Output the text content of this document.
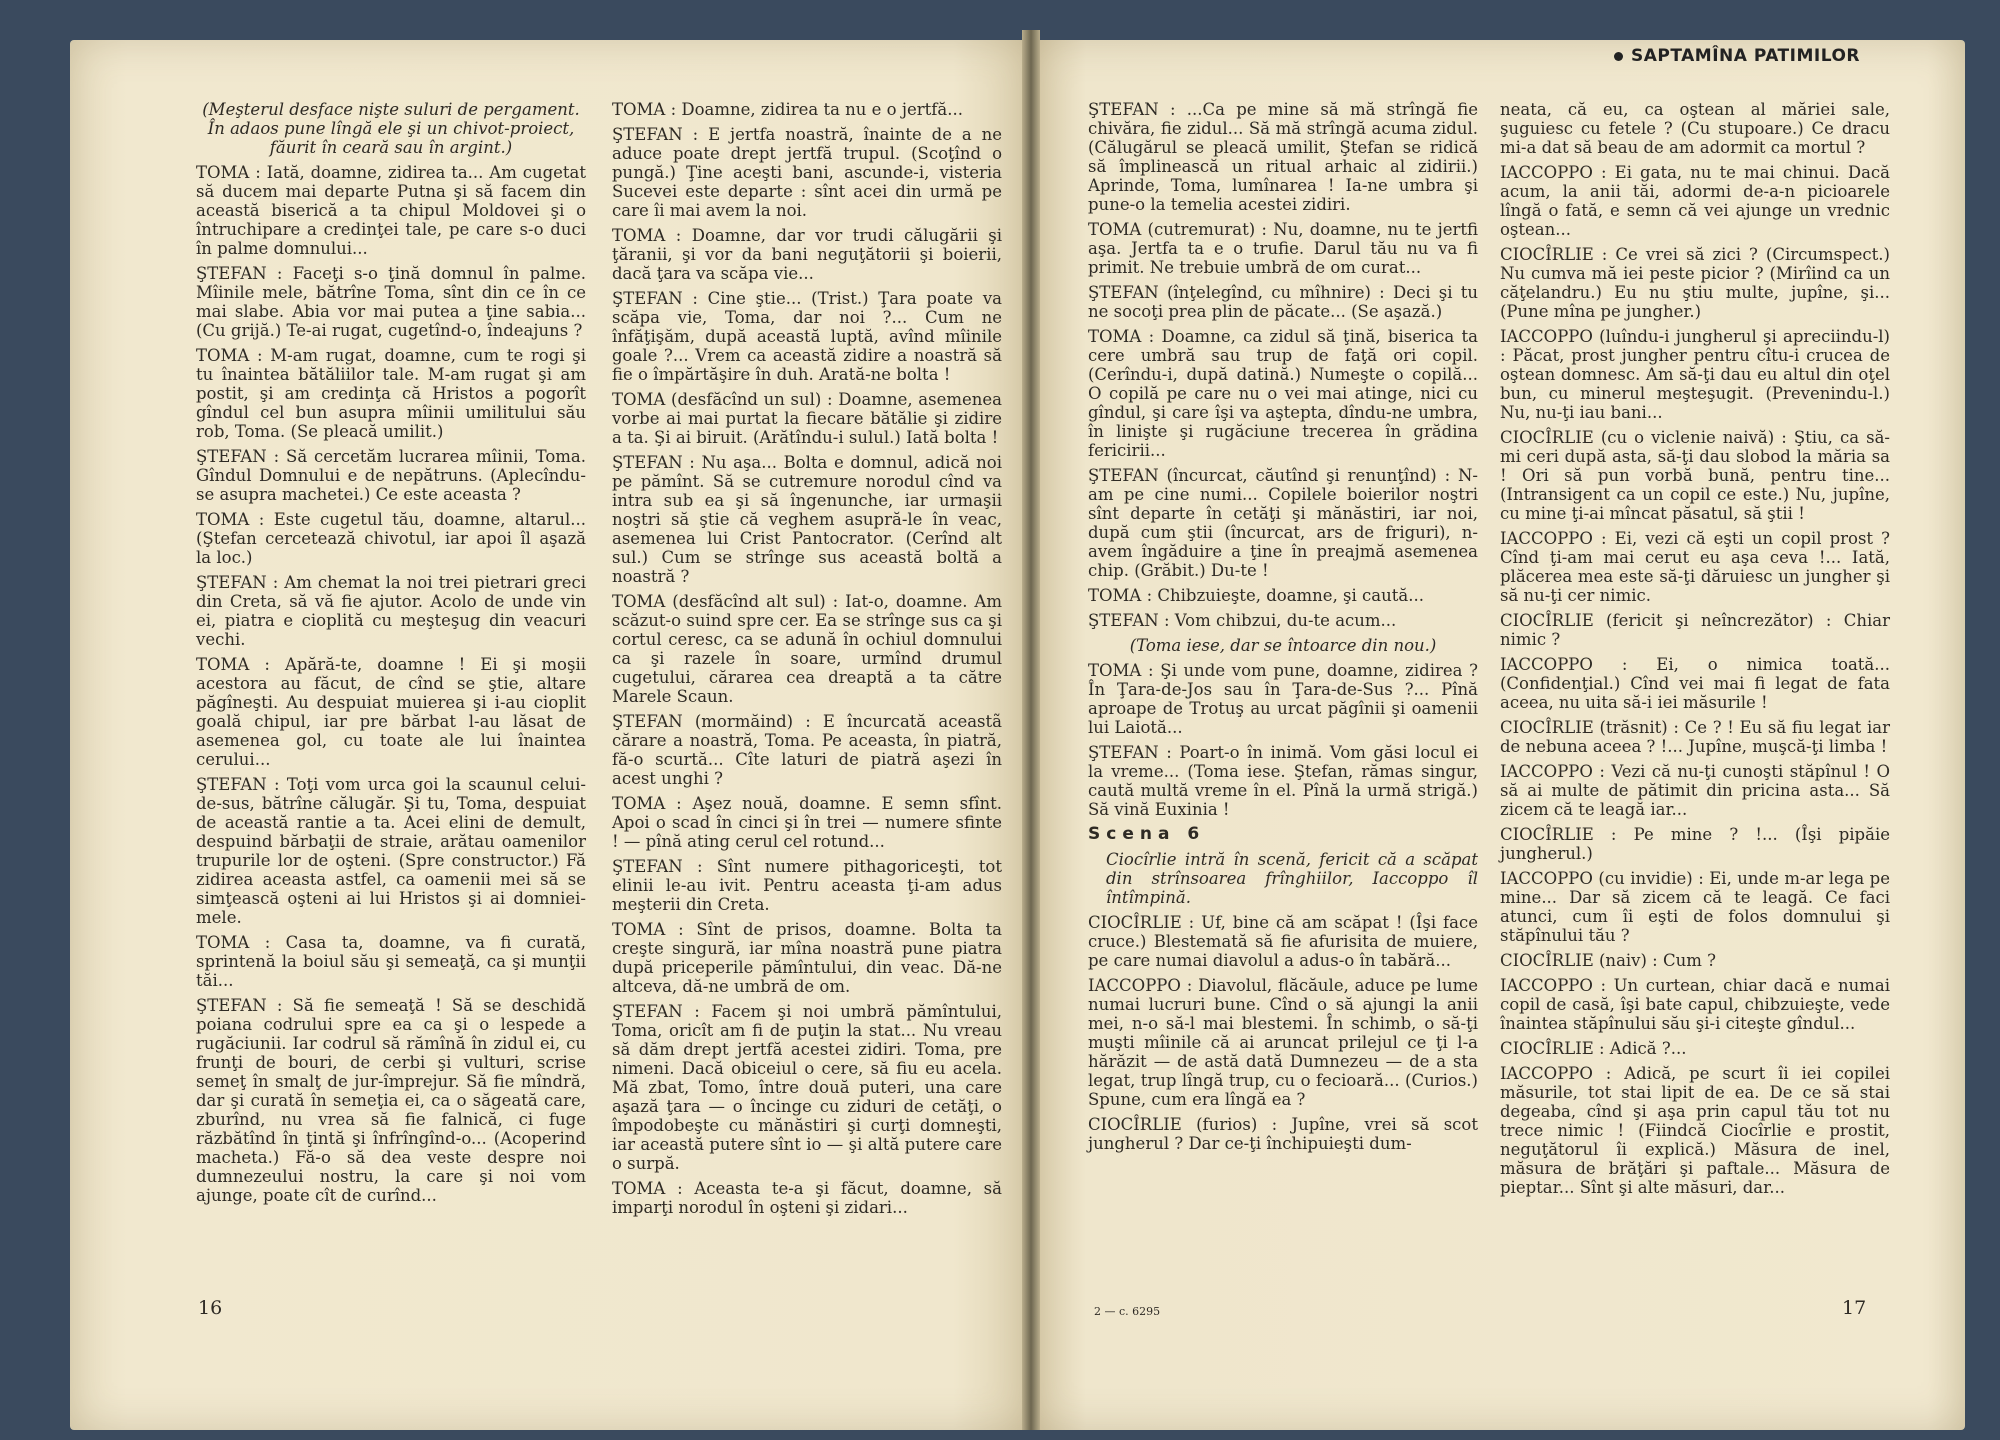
SAPTAMÎNA PATIMILOR

(Meşterul desface nişte suluri de pergament. În adaos pune lîngă ele şi un chivot-proiect, făurit în ceară sau în argint.)

TOMA : Iată, doamne, zidirea ta... Am cugetat să ducem mai departe Putna şi să facem din această biserică a ta chipul Moldovei şi o întruchipare a credinţei tale, pe care s-o duci în palme domnului...

ŞTEFAN : Faceţi s-o ţină domnul în palme. Mîinile mele, bătrîne Toma, sînt din ce în ce mai slabe. Abia vor mai putea a ţine sabia... (Cu grijă.) Te-ai rugat, cugetînd-o, îndeajuns ?

TOMA : M-am rugat, doamne, cum te rogi şi tu înaintea bătăliilor tale. M-am rugat şi am postit, şi am credinţa că Hristos a pogorît gîndul cel bun asupra mîinii umilitului său rob, Toma. (Se pleacă umilit.)

ŞTEFAN : Să cercetăm lucrarea mîinii, Toma. Gîndul Domnului e de nepătruns. (Aplecîndu-se asupra machetei.) Ce este aceasta ?

TOMA : Este cugetul tău, doamne, altarul... (Ştefan cercetează chivotul, iar apoi îl aşază la loc.)

ŞTEFAN : Am chemat la noi trei pietrari greci din Creta, să vă fie ajutor. Acolo de unde vin ei, piatra e cioplită cu meşteşug din veacuri vechi.

TOMA : Apără-te, doamne ! Ei şi moşii acestora au făcut, de cînd se ştie, altare păgîneşti. Au despuiat muierea şi i-au cioplit goală chipul, iar pre bărbat l-au lăsat de asemenea gol, cu toate ale lui înaintea cerului...

ŞTEFAN : Toţi vom urca goi la scaunul celui-de-sus, bătrîne călugăr. Şi tu, Toma, despuiat de această rantie a ta. Acei elini de demult, despuind bărbaţii de straie, arătau oamenilor trupurile lor de oşteni. (Spre constructor.) Fă zidirea aceasta astfel, ca oamenii mei să se simţească oşteni ai lui Hristos şi ai domniei-mele.

TOMA : Casa ta, doamne, va fi curată, sprintenă la boiul său şi semeaţă, ca şi munţii tăi...

ŞTEFAN : Să fie semeaţă ! Să se deschidă poiana codrului spre ea ca şi o lespede a rugăciunii. Iar codrul să rămînă în zidul ei, cu frunţi de bouri, de cerbi şi vulturi, scrise semeţ în smalţ de jur-împrejur. Să fie mîndră, dar şi curată în semeţia ei, ca o săgeată care, zburînd, nu vrea să fie falnică, ci fuge răzbătînd în ţintă şi înfrîngînd-o... (Acoperind macheta.) Fă-o să dea veste despre noi dumnezeului nostru, la care şi noi vom ajunge, poate cît de curînd...

TOMA : Doamne, zidirea ta nu e o jertfă...

ŞTEFAN : E jertfa noastră, înainte de a ne aduce poate drept jertfă trupul. (Scoţînd o pungă.) Ţine aceşti bani, ascunde-i, visteria Sucevei este departe : sînt acei din urmă pe care îi mai avem la noi.

TOMA : Doamne, dar vor trudi călugării şi ţăranii, şi vor da bani neguţătorii şi boierii, dacă ţara va scăpa vie...

ŞTEFAN : Cine ştie... (Trist.) Ţara poate va scăpa vie, Toma, dar noi ?... Cum ne înfăţişăm, după această luptă, avînd mîinile goale ?... Vrem ca această zidire a noastră să fie o împărtăşire în duh. Arată-ne bolta !

TOMA (desfăcînd un sul) : Doamne, asemenea vorbe ai mai purtat la fiecare bătălie şi zidire a ta. Şi ai biruit. (Arătîndu-i sulul.) Iată bolta !

ŞTEFAN : Nu aşa... Bolta e domnul, adică noi pe pămînt. Să se cutremure norodul cînd va intra sub ea şi să îngenunche, iar urmaşii noştri să ştie că veghem asupră-le în veac, asemenea lui Crist Pantocrator. (Cerînd alt sul.) Cum se strînge sus această boltă a noastră ?

TOMA (desfăcînd alt sul) : Iat-o, doamne. Am scăzut-o suind spre cer. Ea se strînge sus ca şi cortul ceresc, ca se adună în ochiul domnului ca şi razele în soare, urmînd drumul cugetului, cărarea cea dreaptă a ta către Marele Scaun.

ŞTEFAN (mormăind) : E încurcată aceastã cărare a noastră, Toma. Pe aceasta, în piatră, fă-o scurtă... Cîte laturi de piatră aşezi în acest unghi ?

TOMA : Aşez nouă, doamne. E semn sfînt. Apoi o scad în cinci şi în trei — numere sfinte ! — pînă ating cerul cel rotund...

ŞTEFAN : Sînt numere pithagoriceşti, tot elinii le-au ivit. Pentru aceasta ţi-am adus meşterii din Creta.

TOMA : Sînt de prisos, doamne. Bolta ta creşte singură, iar mîna noastră pune piatra după priceperile pămîntului, din veac. Dă-ne altceva, dă-ne umbră de om.

ŞTEFAN : Facem şi noi umbră pămîntului, Toma, oricît am fi de puţin la stat... Nu vreau să dăm drept jertfă acestei zidiri. Toma, pre nimeni. Dacă obiceiul o cere, să fiu eu acela. Mă zbat, Tomo, între două puteri, una care aşază ţara — o încinge cu ziduri de cetăţi, o împodobeşte cu mănăstiri şi curţi domneşti, iar această putere sînt io — şi altă putere care o surpă.

TOMA : Aceasta te-a şi făcut, doamne, să imparţi norodul în oşteni şi zidari...

ŞTEFAN : ...Ca pe mine să mă strîngă fie chivăra, fie zidul... Să mă strîngă acuma zidul. (Călugărul se pleacă umilit, Ştefan se ridică să împlinească un ritual arhaic al zidirii.) Aprinde, Toma, lumînarea ! Ia-ne umbra şi pune-o la temelia acestei zidiri.

TOMA (cutremurat) : Nu, doamne, nu te jertfi aşa. Jertfa ta e o trufie. Darul tău nu va fi primit. Ne trebuie umbră de om curat...

ŞTEFAN (înţelegînd, cu mîhnire) : Deci şi tu ne socoţi prea plin de păcate... (Se aşază.)

TOMA : Doamne, ca zidul să ţină, biserica ta cere umbră sau trup de faţă ori copil. (Cerîndu-i, după datină.) Numeşte o copilă... O copilă pe care nu o vei mai atinge, nici cu gîndul, şi care îşi va aştepta, dîndu-ne umbra, în linişte şi rugăciune trecerea în grădina fericirii...

ŞTEFAN (încurcat, căutînd şi renunţînd) : N-am pe cine numi... Copilele boierilor noştri sînt departe în cetăţi şi mănăstiri, iar noi, după cum ştii (încurcat, ars de friguri), n-avem îngăduire a ţine în preajmă asemenea chip. (Grăbit.) Du-te !

TOMA : Chibzuieşte, doamne, şi caută...

ŞTEFAN : Vom chibzui, du-te acum...

(Toma iese, dar se întoarce din nou.)

TOMA : Şi unde vom pune, doamne, zidirea ? În Ţara-de-Jos sau în Ţara-de-Sus ?... Pînă aproape de Trotuş au urcat păgînii şi oamenii lui Laiotă...

ŞTEFAN : Poart-o în inimă. Vom găsi locul ei la vreme... (Toma iese. Ştefan, rămas singur, caută multă vreme în el. Pînă la urmă strigă.) Să vină Euxinia !

Scena 6

Ciocîrlie intră în scenă, fericit că a scăpat din strînsoarea frînghiilor, Iaccoppo îl întîmpină.

CIOCÎRLIE : Uf, bine că am scăpat ! (Îşi face cruce.) Blestemată să fie afurisita de muiere, pe care numai diavolul a adus-o în tabără...

IACCOPPO : Diavolul, flăcăule, aduce pe lume numai lucruri bune. Cînd o să ajungi la anii mei, n-o să-l mai blestemi. În schimb, o să-ţi muşti mîinile că ai aruncat prilejul ce ţi l-a hărăzit — de astă dată Dumnezeu — de a sta legat, trup lîngă trup, cu o fecioară... (Curios.) Spune, cum era lîngă ea ?

CIOCÎRLIE (furios) : Jupîne, vrei să scot jungherul ? Dar ce-ţi închipuieşti dum-

neata, că eu, ca oştean al măriei sale, şuguiesc cu fetele ? (Cu stupoare.) Ce dracu mi-a dat să beau de am adormit ca mortul ?

IACCOPPO : Ei gata, nu te mai chinui. Dacă acum, la anii tăi, adormi de-a-n picioarele lîngă o fată, e semn că vei ajunge un vrednic oştean...

CIOCÎRLIE : Ce vrei să zici ? (Circumspect.) Nu cumva mă iei peste picior ? (Mirîind ca un căţelandru.) Eu nu ştiu multe, jupîne, şi... (Pune mîna pe jungher.)

IACCOPPO (luîndu-i jungherul şi apreciindu-l) : Păcat, prost jungher pentru cîtu-i crucea de oştean domnesc. Am să-ţi dau eu altul din oţel bun, cu minerul meşteşugit. (Prevenindu-l.) Nu, nu-ţi iau bani...

CIOCÎRLIE (cu o viclenie naivă) : Ştiu, ca să-mi ceri după asta, să-ţi dau slobod la măria sa ! Ori să pun vorbă bună, pentru tine... (Intransigent ca un copil ce este.) Nu, jupîne, cu mine ţi-ai mîncat păsatul, să ştii !

IACCOPPO : Ei, vezi că eşti un copil prost ? Cînd ţi-am mai cerut eu aşa ceva !... Iată, plăcerea mea este să-ţi dăruiesc un jungher şi să nu-ţi cer nimic.

CIOCÎRLIE (fericit şi neîncrezător) : Chiar nimic ?

IACCOPPO : Ei, o nimica toată... (Confidenţial.) Cînd vei mai fi legat de fata aceea, nu uita să-i iei măsurile !

CIOCÎRLIE (trăsnit) : Ce ? ! Eu să fiu legat iar de nebuna aceea ? !... Jupîne, muşcă-ţi limba !

IACCOPPO : Vezi că nu-ţi cunoşti stăpînul ! O să ai multe de pătimit din pricina asta... Să zicem că te leagă iar...

CIOCÎRLIE : Pe mine ? !... (Îşi pipăie jungherul.)

IACCOPPO (cu invidie) : Ei, unde m-ar lega pe mine... Dar să zicem că te leagă. Ce faci atunci, cum îi eşti de folos domnului şi stăpînului tău ?

CIOCÎRLIE (naiv) : Cum ?

IACCOPPO : Un curtean, chiar dacă e numai copil de casă, îşi bate capul, chibzuieşte, vede înaintea stăpînului său şi-i citeşte gîndul...

CIOCÎRLIE : Adică ?...

IACCOPPO : Adică, pe scurt îi iei copilei măsurile, tot stai lipit de ea. De ce să stai degeaba, cînd şi aşa prin capul tău tot nu trece nimic ! (Fiindcă Ciocîrlie e prostit, neguţătorul îi explică.) Măsura de inel, măsura de brăţări şi paftale... Măsura de pieptar... Sînt şi alte măsuri, dar...

16	2 — c. 6295	17
